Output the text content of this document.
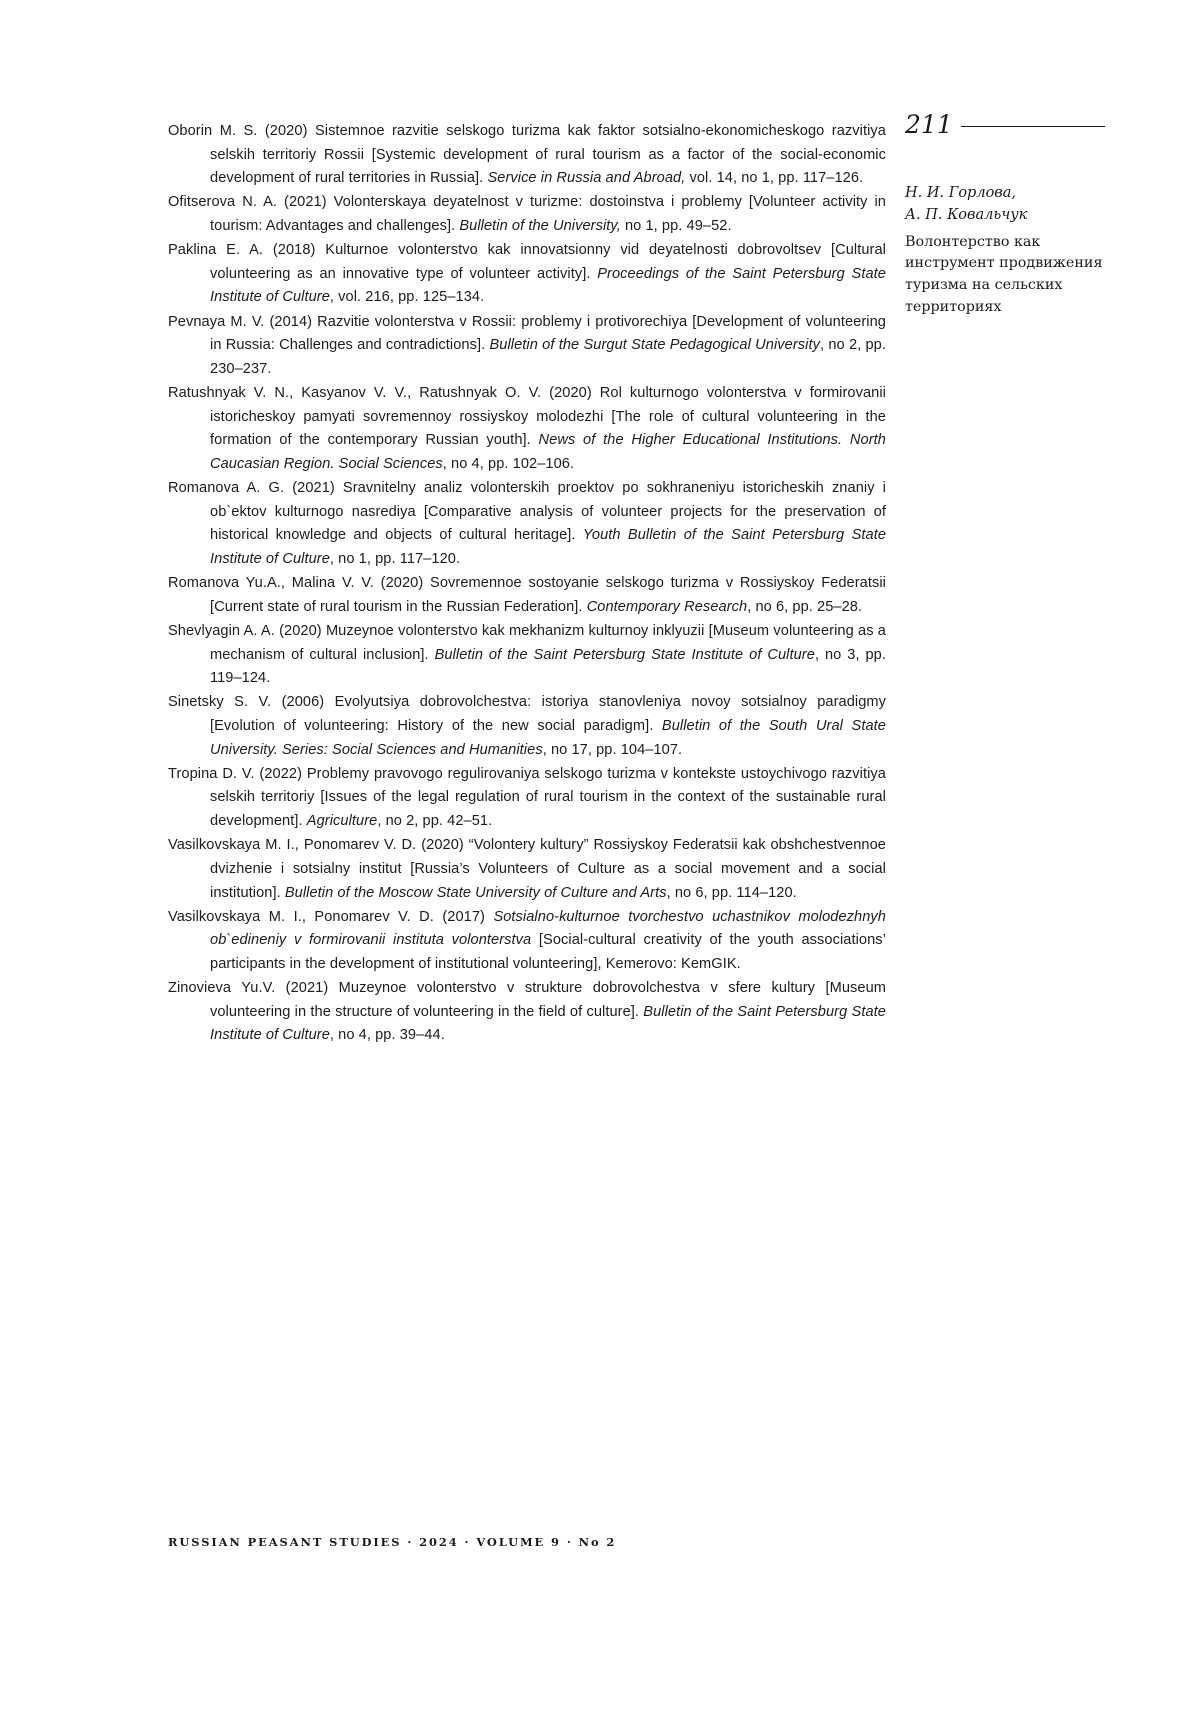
Oborin M. S. (2020) Sistemnoe razvitie selskogo turizma kak faktor sotsialno-ekonomicheskogo razvitiya selskih territoriy Rossii [Systemic development of rural tourism as a factor of the social-economic development of rural territories in Russia]. Service in Russia and Abroad, vol. 14, no 1, pp. 117–126.

Ofitserova N. A. (2021) Volonterskaya deyatelnost v turizme: dostoinstva i problemy [Volunteer activity in tourism: Advantages and challenges]. Bulletin of the University, no 1, pp. 49–52.

Paklina E. A. (2018) Kulturnoe volonterstvo kak innovatsionny vid deyatelnosti dobrovoltsev [Cultural volunteering as an innovative type of volunteer activity]. Proceedings of the Saint Petersburg State Institute of Culture, vol. 216, pp. 125–134.

Pevnaya M. V. (2014) Razvitie volonterstva v Rossii: problemy i protivorechiya [Development of volunteering in Russia: Challenges and contradictions]. Bulletin of the Surgut State Pedagogical University, no 2, pp. 230–237.

Ratushnyak V. N., Kasyanov V. V., Ratushnyak O. V. (2020) Rol kulturnogo volonterstva v formirovanii istoricheskoy pamyati sovremennoy rossiyskoy molodezhi [The role of cultural volunteering in the formation of the contemporary Russian youth]. News of the Higher Educational Institutions. North Caucasian Region. Social Sciences, no 4, pp. 102–106.

Romanova A. G. (2021) Sravnitelny analiz volonterskih proektov po sokhraneniyu istoricheskih znaniy i ob`ektov kulturnogo nasrediya [Comparative analysis of volunteer projects for the preservation of historical knowledge and objects of cultural heritage]. Youth Bulletin of the Saint Petersburg State Institute of Culture, no 1, pp. 117–120.

Romanova Yu.A., Malina V. V. (2020) Sovremennoe sostoyanie selskogo turizma v Rossiyskoy Federatsii [Current state of rural tourism in the Russian Federation]. Contemporary Research, no 6, pp. 25–28.

Shevlyagin A. A. (2020) Muzeynoe volonterstvo kak mekhanizm kulturnoy inklyuzii [Museum volunteering as a mechanism of cultural inclusion]. Bulletin of the Saint Petersburg State Institute of Culture, no 3, pp. 119–124.

Sinetsky S. V. (2006) Evolyutsiya dobrovolchestva: istoriya stanovleniya novoy sotsialnoy paradigmy [Evolution of volunteering: History of the new social paradigm]. Bulletin of the South Ural State University. Series: Social Sciences and Humanities, no 17, pp. 104–107.

Tropina D. V. (2022) Problemy pravovogo regulirovaniya selskogo turizma v kontekste ustoychivogo razvitiya selskih territoriy [Issues of the legal regulation of rural tourism in the context of the sustainable rural development]. Agriculture, no 2, pp. 42–51.

Vasilkovskaya M. I., Ponomarev V. D. (2020) “Volontery kultury” Rossiyskoy Federatsii kak obshchestvennoe dvizhenie i sotsialny institut [Russia’s Volunteers of Culture as a social movement and a social institution]. Bulletin of the Moscow State University of Culture and Arts, no 6, pp. 114–120.

Vasilkovskaya M. I., Ponomarev V. D. (2017) Sotsialno-kulturnoe tvorchestvo uchastnikov molodezhnyh ob`edineniy v formirovanii instituta volonterstva [Social-cultural creativity of the youth associations’ participants in the development of institutional volunteering], Kemerovo: KemGIK.

Zinovieva Yu.V. (2021) Muzeynoe volonterstvo v strukture dobrovolchestva v sfere kultury [Museum volunteering in the structure of volunteering in the field of culture]. Bulletin of the Saint Petersburg State Institute of Culture, no 4, pp. 39–44.

211
Н. И. Горлова,
А. П. Ковальчук
Волонтерство как инструмент продвижения туризма на сельских территориях
RUSSIAN PEASANT STUDIES · 2024 · VOLUME 9 · No 2
